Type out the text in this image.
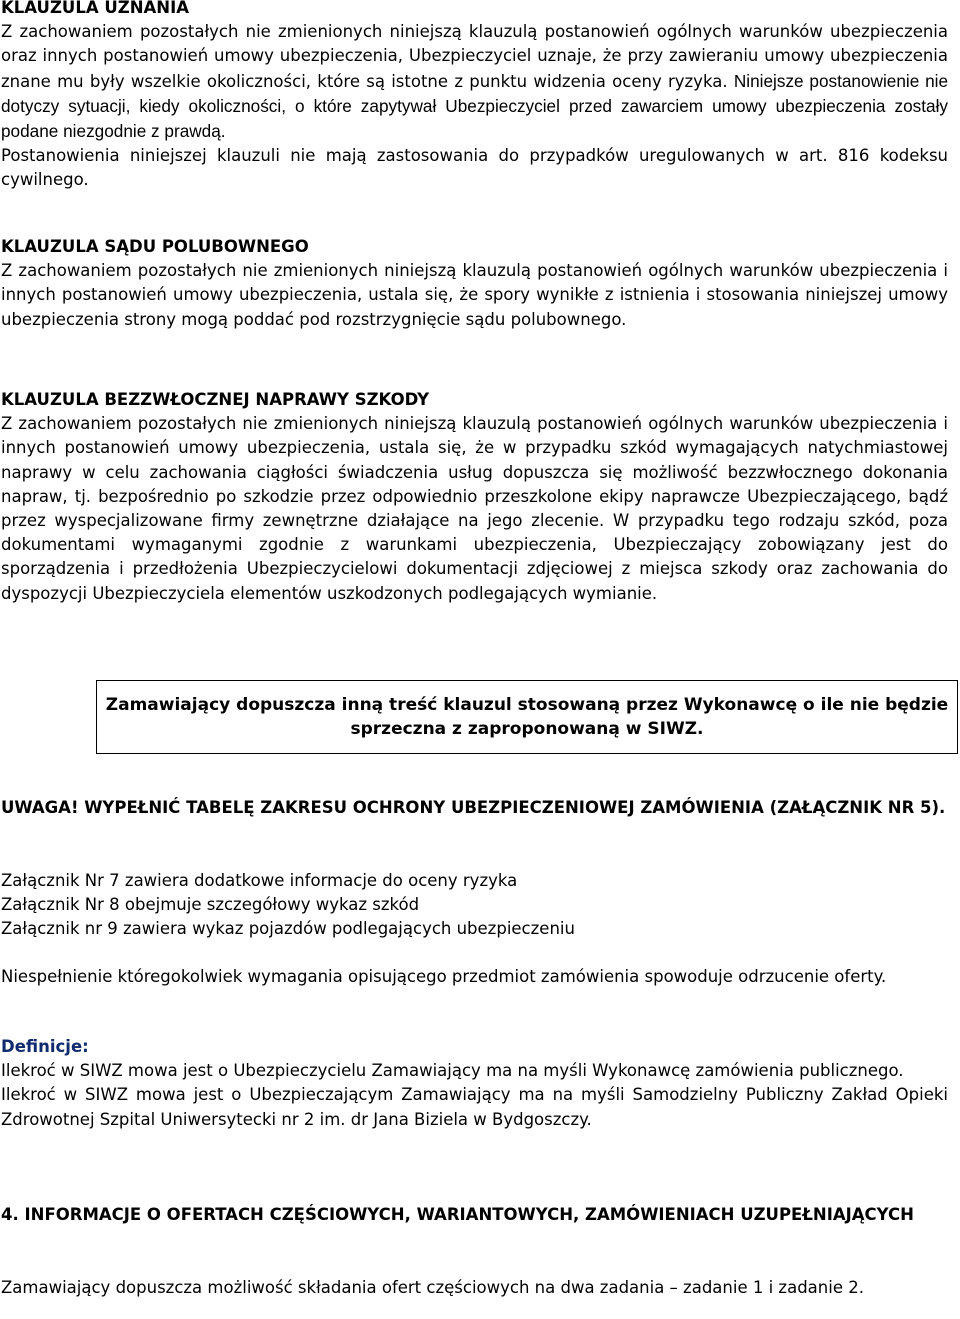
KLAUZULA UZNANIA
Z zachowaniem pozostałych nie zmienionych niniejszą klauzulą postanowień ogólnych warunków ubezpieczenia oraz innych postanowień umowy ubezpieczenia, Ubezpieczyciel uznaje, że przy zawieraniu umowy ubezpieczenia znane mu były wszelkie okoliczności, które są istotne z punktu widzenia oceny ryzyka. Niniejsze postanowienie nie dotyczy sytuacji, kiedy okoliczności, o które zapytywał Ubezpieczyciel przed zawarciem umowy ubezpieczenia zostały podane niezgodnie z prawdą.
Postanowienia niniejszej klauzuli nie mają zastosowania do przypadków uregulowanych w art. 816 kodeksu cywilnego.
KLAUZULA SĄDU POLUBOWNEGO
Z zachowaniem pozostałych nie zmienionych niniejszą klauzulą postanowień ogólnych warunków ubezpieczenia i innych postanowień umowy ubezpieczenia, ustala się, że spory wynikłe z istnienia i stosowania niniejszej umowy ubezpieczenia strony mogą poddać pod rozstrzygnięcie sądu polubownego.
KLAUZULA BEZZWŁOCZNEJ NAPRAWY SZKODY
Z zachowaniem pozostałych nie zmienionych niniejszą klauzulą postanowień ogólnych warunków ubezpieczenia i innych postanowień umowy ubezpieczenia, ustala się, że w przypadku szkód wymagających natychmiastowej naprawy w celu zachowania ciągłości świadczenia usług dopuszcza się możliwość bezzwłocznego dokonania napraw, tj. bezpośrednio po szkodzie przez odpowiednio przeszkolone ekipy naprawcze Ubezpieczającego, bądź przez wyspecjalizowane firmy zewnętrzne działające na jego zlecenie. W przypadku tego rodzaju szkód, poza dokumentami wymaganymi zgodnie z warunkami ubezpieczenia, Ubezpieczający zobowiązany jest do sporządzenia i przedłożenia Ubezpieczycielowi dokumentacji zdjęciowej z miejsca szkody oraz zachowania do dyspozycji Ubezpieczyciela elementów uszkodzonych podlegających wymianie.

Zamawiający dopuszcza inną treść klauzul stosowaną przez Wykonawcę o ile nie będzie sprzeczna z zaproponowaną w SIWZ.

UWAGA! WYPEŁNIĆ TABELĘ ZAKRESU OCHRONY UBEZPIECZENIOWEJ ZAMÓWIENIA (ZAŁĄCZNIK NR 5).
Załącznik Nr 7 zawiera dodatkowe informacje do oceny ryzyka
Załącznik Nr 8 obejmuje szczegółowy wykaz szkód
Załącznik nr 9 zawiera wykaz pojazdów podlegających ubezpieczeniu
Niespełnienie któregokolwiek wymagania opisującego przedmiot zamówienia spowoduje odrzucenie oferty.
Definicje:
Ilekroć w SIWZ mowa jest o Ubezpieczycielu Zamawiający ma na myśli Wykonawcę zamówienia publicznego.
Ilekroć w SIWZ mowa jest o Ubezpieczającym Zamawiający ma na myśli Samodzielny Publiczny Zakład Opieki Zdrowotnej Szpital Uniwersytecki nr 2 im. dr Jana Biziela w Bydgoszczy.
4. INFORMACJE O OFERTACH CZĘŚCIOWYCH, WARIANTOWYCH, ZAMÓWIENIACH UZUPEŁNIAJĄCYCH
Zamawiający dopuszcza możliwość składania ofert częściowych na dwa zadania – zadanie 1 i zadanie 2.
